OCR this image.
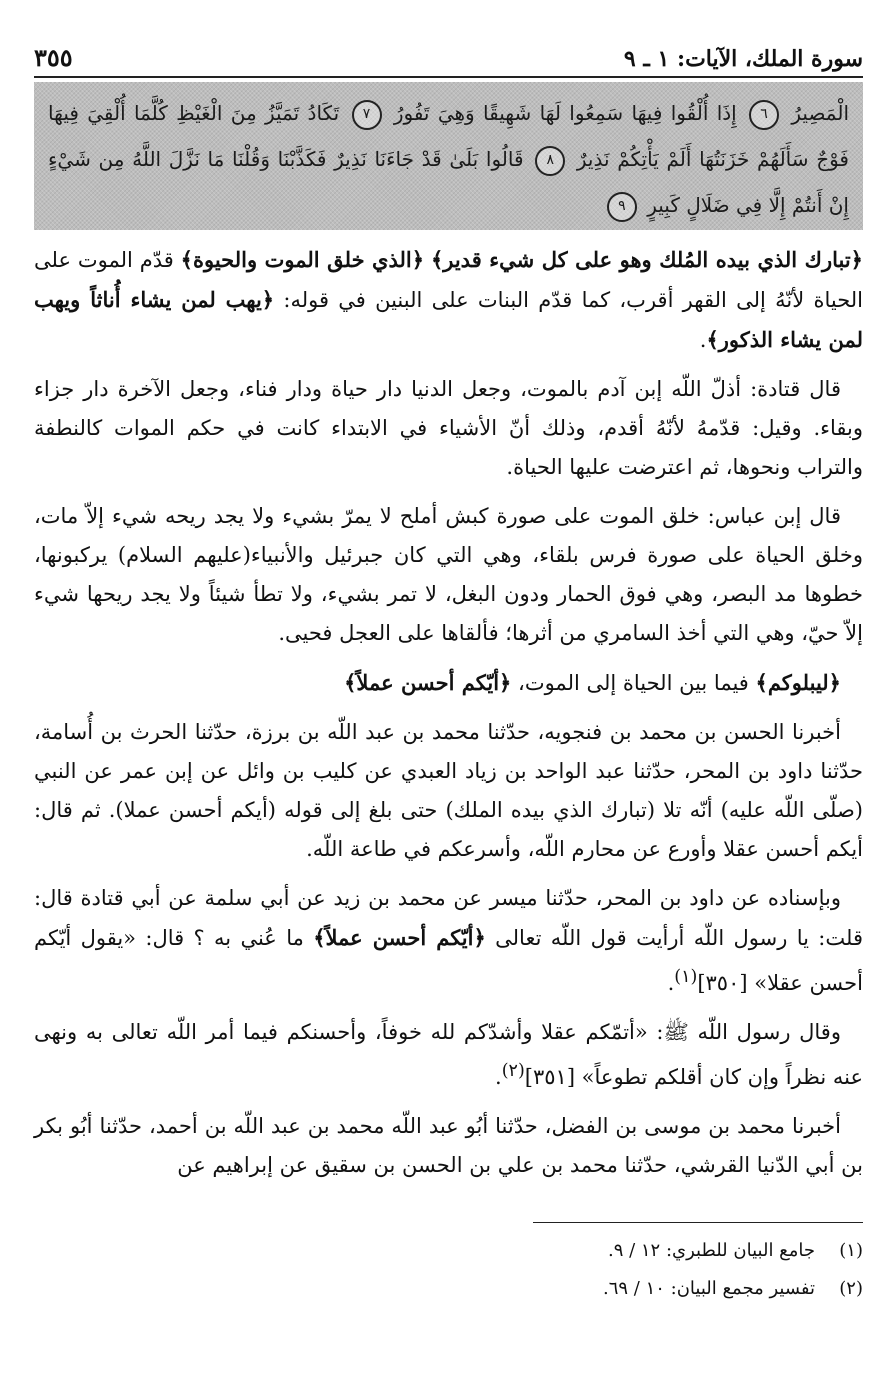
سورة الملك، الآيات: ١ ـ ٩
٣٥٥
الْمَصِيرُ ٦ إِذَا أُلْقُوا فِيهَا سَمِعُوا لَهَا شَهِيقًا وَهِيَ تَفُورُ ٧ تَكَادُ تَمَيَّزُ مِنَ الْغَيْظِ كُلَّمَا أُلْقِيَ فِيهَا فَوْجٌ سَأَلَهُمْ خَزَنَتُهَا أَلَمْ يَأْتِكُمْ نَذِيرٌ ٨ قَالُوا بَلَىٰ قَدْ جَاءَنَا نَذِيرٌ فَكَذَّبْنَا وَقُلْنَا مَا نَزَّلَ اللَّهُ مِن شَيْءٍ إِنْ أَنتُمْ إِلَّا فِي ضَلَالٍ كَبِيرٍ ٩

﴿تبارك الذي بيده المُلك وهو على كل شيء قدير﴾ ﴿الذي خلق الموت والحيوة﴾ قدّم الموت على الحياة لأنّهُ إلى القهر أقرب، كما قدّم البنات على البنين في قوله: ﴿يهب لمن يشاء أُناثاً ويهب لمن يشاء الذكور﴾.

قال قتادة: أذلّ اللّه إبن آدم بالموت، وجعل الدنيا دار حياة ودار فناء، وجعل الآخرة دار جزاء وبقاء. وقيل: قدّمهُ لأنّهُ أقدم، وذلك أنّ الأشياء في الابتداء كانت في حكم الموات كالنطفة والتراب ونحوها، ثم اعترضت عليها الحياة.

قال إبن عباس: خلق الموت على صورة كبش أملح لا يمرّ بشيء ولا يجد ريحه شيء إلاّ مات، وخلق الحياة على صورة فرس بلقاء، وهي التي كان جبرئيل والأنبياء(عليهم السلام) يركبونها، خطوها مد البصر، وهي فوق الحمار ودون البغل، لا تمر بشيء، ولا تطأ شيئاً ولا يجد ريحها شيء إلاّ حيّ، وهي التي أخذ السامري من أثرها؛ فألقاها على العجل فحيى.

﴿ليبلوكم﴾ فيما بين الحياة إلى الموت، ﴿أيّكم أحسن عملاً﴾

أخبرنا الحسن بن محمد بن فنجويه، حدّثنا محمد بن عبد اللّه بن برزة، حدّثنا الحرث بن أُسامة، حدّثنا داود بن المحر، حدّثنا عبد الواحد بن زياد العبدي عن كليب بن وائل عن إبن عمر عن النبي (صلّى اللّه عليه) أنّه تلا (تبارك الذي بيده الملك) حتى بلغ إلى قوله (أيكم أحسن عملا). ثم قال: أيكم أحسن عقلا وأورع عن محارم اللّه، وأسرعكم في طاعة اللّه.

وبإسناده عن داود بن المحر، حدّثنا ميسر عن محمد بن زيد عن أبي سلمة عن أبي قتادة قال: قلت: يا رسول اللّه أرأيت قول اللّه تعالى ﴿أيّكم أحسن عملاً﴾ ما عُني به ؟ قال: «يقول أيّكم أحسن عقلا» [٣٥٠]$^{(١)}$.

وقال رسول اللّه ﷺ: «أتمّكم عقلا وأشدّكم لله خوفاً، وأحسنكم فيما أمر اللّه تعالى به ونهى عنه نظراً وإن كان أقلكم تطوعاً» [٣٥١]$^{(٢)}$.

أخبرنا محمد بن موسى بن الفضل، حدّثنا أبُو عبد اللّه محمد بن عبد اللّه بن أحمد، حدّثنا أبُو بكر بن أبي الدّنيا القرشي، حدّثنا محمد بن علي بن الحسن بن سقيق عن إبراهيم عن

(١)
جامع البيان للطبري: ١٢ / ٩.
(٢)
تفسير مجمع البيان: ١٠ / ٦٩.
